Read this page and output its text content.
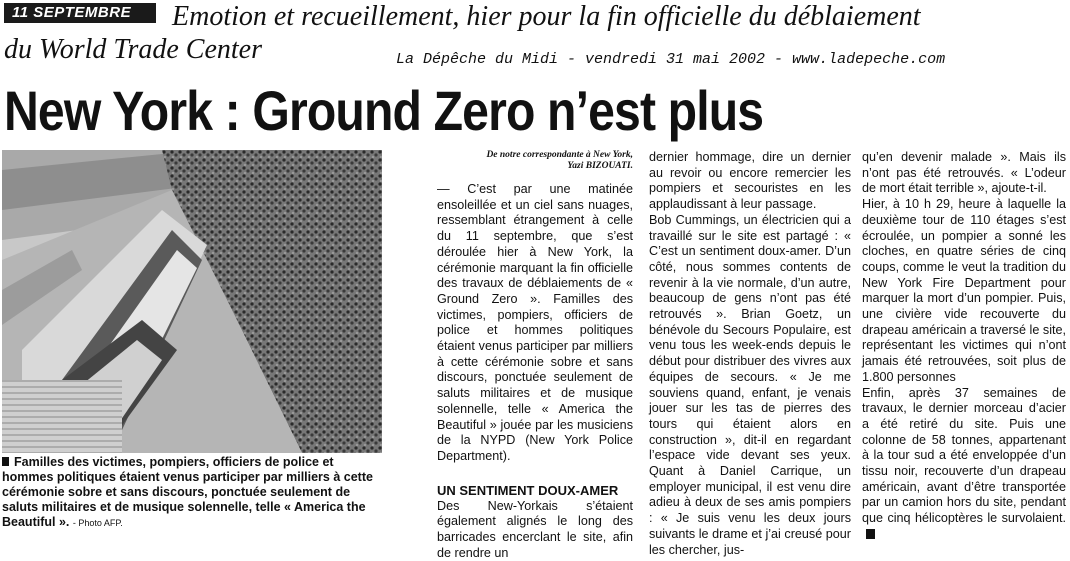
11 SEPTEMBRE	Emotion et recueillement, hier pour la fin officielle du déblaiement
du World Trade Center	La Dépêche du Midi - vendredi 31 mai 2002 - www.ladepeche.com
New York : Ground Zero n’est plus
Familles des victimes, pompiers, officiers de police et hommes politiques étaient venus participer par milliers à cette cérémonie sobre et sans discours, ponctuée seulement de saluts militaires et de musique solennelle, telle « America the Beautiful ». - Photo AFP.
De notre correspondante à New York,
Yazi BIZOUATI.

— C’est par une matinée ensoleillée et un ciel sans nuages, ressemblant étrangement à celle du 11 septembre, que s’est déroulée hier à New York, la cérémonie marquant la fin officielle des travaux de déblaiements de « Ground Zero ». Familles des victimes, pompiers, officiers de police et hommes politiques étaient venus participer par milliers à cette cérémonie sobre et sans discours, ponctuée seulement de saluts militaires et de musique solennelle, telle « America the Beautiful » jouée par les musiciens de la NYPD (New York Police Department).

UN SENTIMENT DOUX-AMER

Des New-Yorkais s’étaient également alignés le long des barricades encerclant le site, afin de rendre un

dernier hommage, dire un dernier au revoir ou encore remercier les pompiers et secouristes en les applaudissant à leur passage.

Bob Cummings, un électricien qui a travaillé sur le site est partagé : « C’est un sentiment doux-amer. D’un côté, nous sommes contents de revenir à la vie normale, d’un autre, beaucoup de gens n’ont pas été retrouvés ». Brian Goetz, un bénévole du Secours Populaire, est venu tous les week-ends depuis le début pour distribuer des vivres aux équipes de secours. « Je me souviens quand, enfant, je venais jouer sur les tas de pierres des tours qui étaient alors en construction », dit-il en regardant l’espace vide devant ses yeux. Quant à Daniel Carrique, un employer municipal, il est venu dire adieu à deux de ses amis pompiers : « Je suis venu les deux jours suivants le drame et j’ai creusé pour les chercher, jus-

qu’en devenir malade ». Mais ils n’ont pas été retrouvés. « L’odeur de mort était terrible », ajoute-t-il.

Hier, à 10 h 29, heure à laquelle la deuxième tour de 110 étages s’est écroulée, un pompier a sonné les cloches, en quatre séries de cinq coups, comme le veut la tradition du New York Fire Department pour marquer la mort d’un pompier. Puis, une civière vide recouverte du drapeau américain a traversé le site, représentant les victimes qui n’ont jamais été retrouvées, soit plus de 1.800 personnes

Enfin, après 37 semaines de travaux, le dernier morceau d’acier a été retiré du site. Puis une colonne de 58 tonnes, appartenant à la tour sud a été enveloppée d’un tissu noir, recouverte d’un drapeau américain, avant d’être transportée par un camion hors du site, pendant que cinq hélicoptères le survolaient.
